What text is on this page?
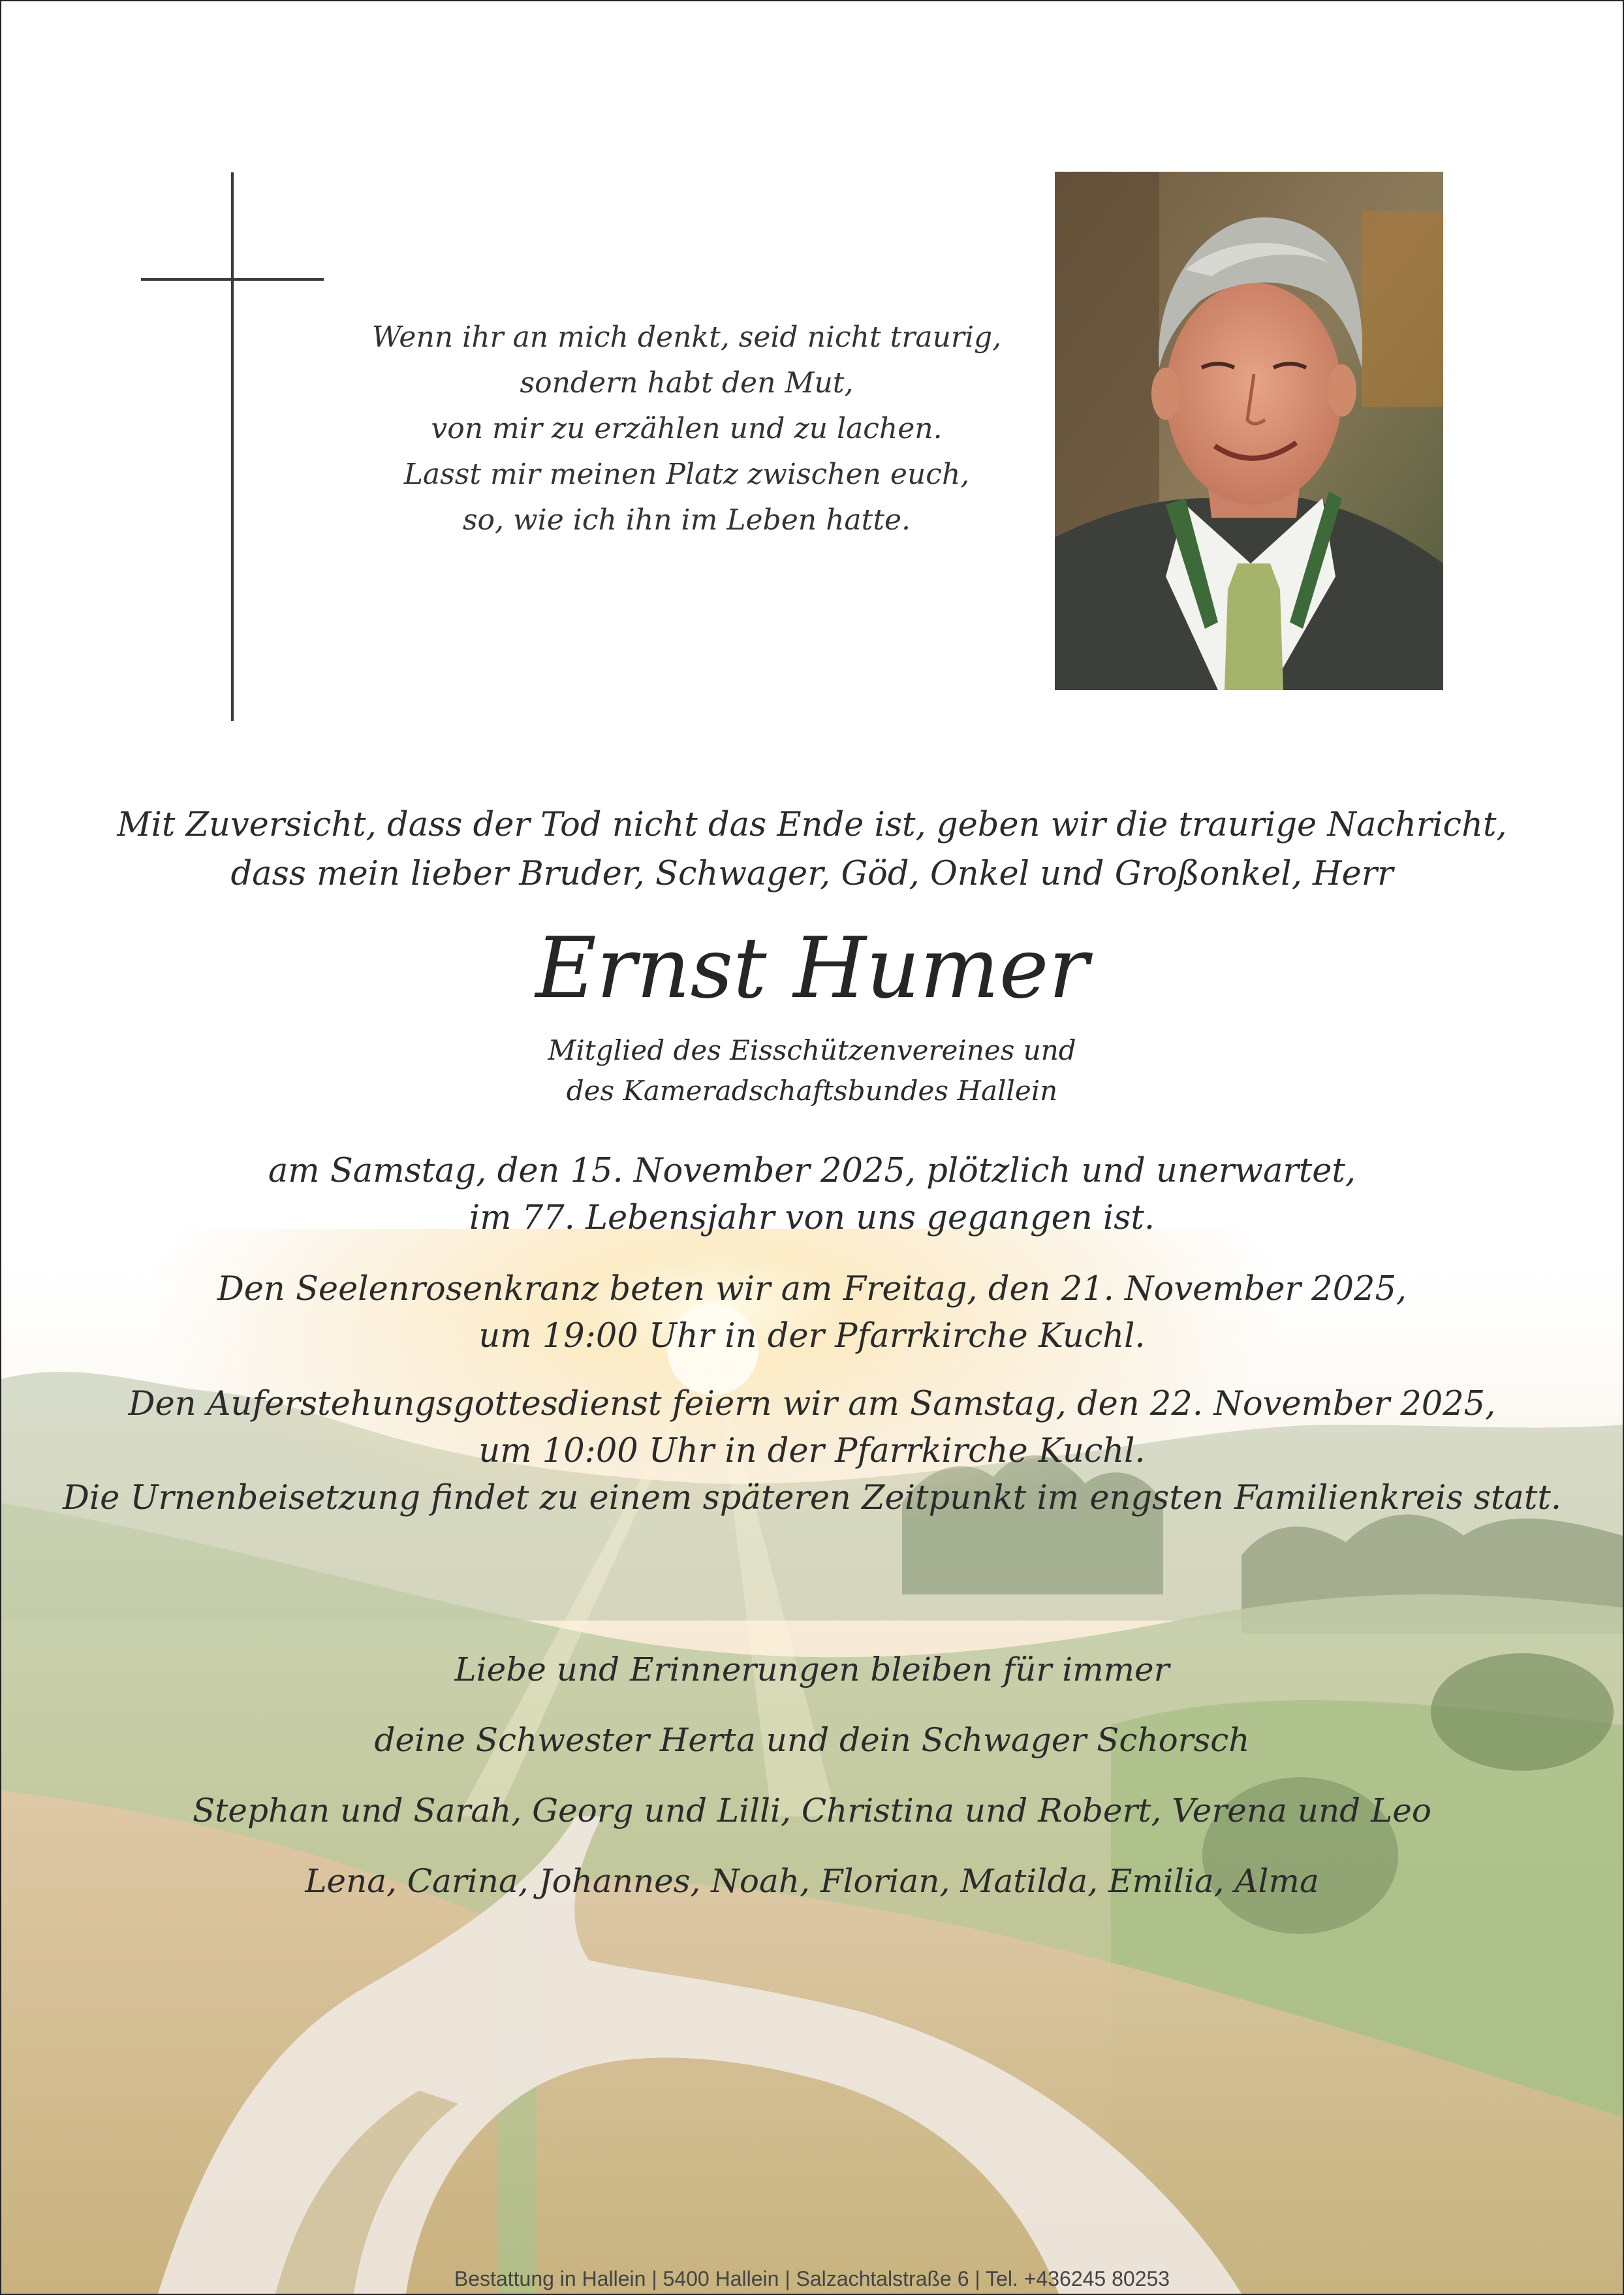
Wenn ihr an mich denkt, seid nicht traurig,
sondern habt den Mut,
von mir zu erzählen und zu lachen.
Lasst mir meinen Platz zwischen euch,
so, wie ich ihn im Leben hatte.
Mit Zuversicht, dass der Tod nicht das Ende ist, geben wir die traurige Nachricht,
dass mein lieber Bruder, Schwager, Göd, Onkel und Großonkel, Herr
Ernst Humer
Mitglied des Eisschützenvereines und
des Kameradschaftsbundes Hallein
am Samstag, den 15. November 2025, plötzlich und unerwartet,
im 77. Lebensjahr von uns gegangen ist.
Den Seelenrosenkranz beten wir am Freitag, den 21. November 2025,
um 19:00 Uhr in der Pfarrkirche Kuchl.
Den Auferstehungsgottesdienst feiern wir am Samstag, den 22. November 2025,
um 10:00 Uhr in der Pfarrkirche Kuchl.
Die Urnenbeisetzung findet zu einem späteren Zeitpunkt im engsten Familienkreis statt.
Liebe und Erinnerungen bleiben für immer
deine Schwester Herta und dein Schwager Schorsch
Stephan und Sarah, Georg und Lilli, Christina und Robert, Verena und Leo
Lena, Carina, Johannes, Noah, Florian, Matilda, Emilia, Alma
Bestattung in Hallein | 5400 Hallein | Salzachtalstraße 6 | Tel. +436245 80253
